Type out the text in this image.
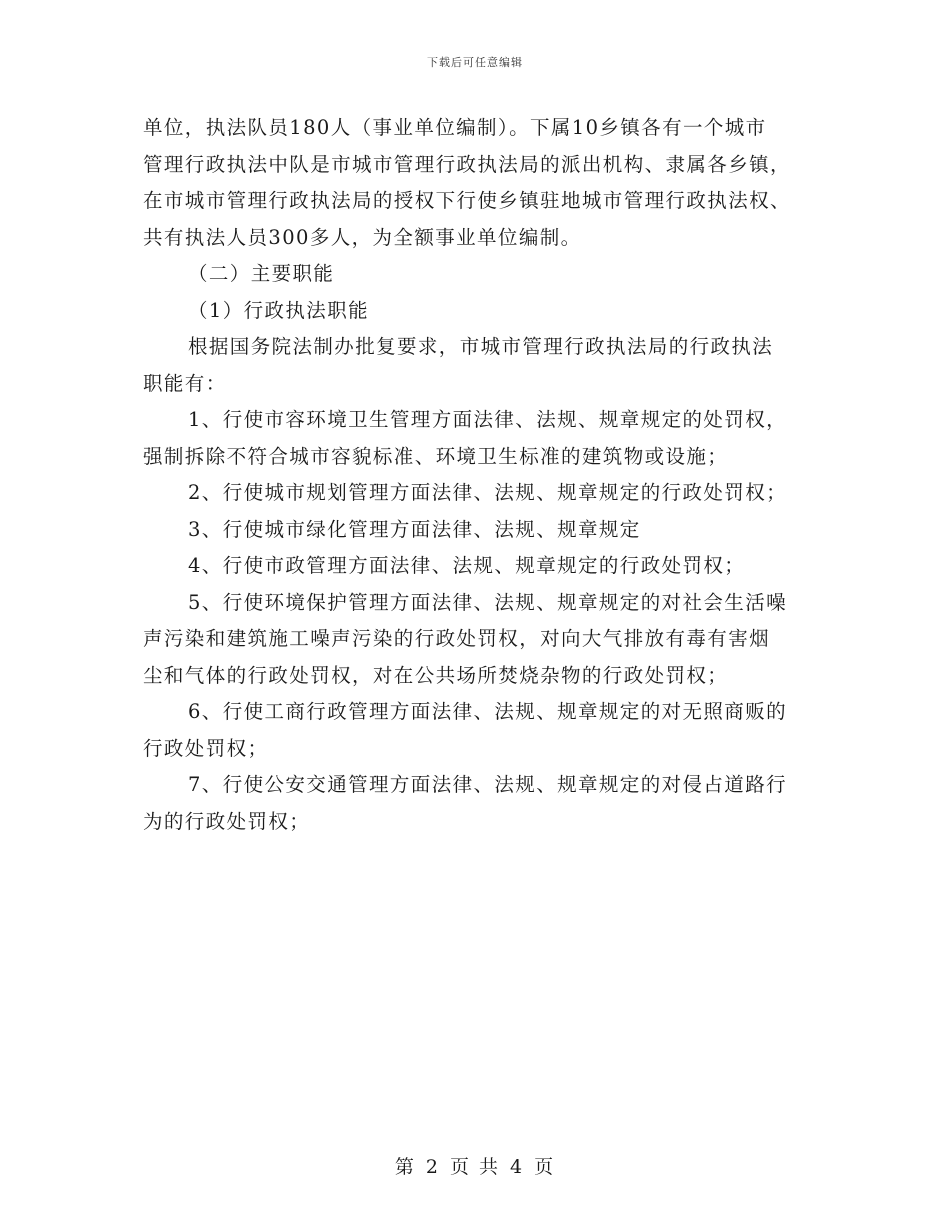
下载后可任意编辑
单位，执法队员180人（事业单位编制）。下属10乡镇各有一个城市
管理行政执法中队是市城市管理行政执法局的派出机构、隶属各乡镇，
在市城市管理行政执法局的授权下行使乡镇驻地城市管理行政执法权、
共有执法人员300多人，为全额事业单位编制。
（二）主要职能
（1）行政执法职能
根据国务院法制办批复要求，市城市管理行政执法局的行政执法
职能有：
1、行使市容环境卫生管理方面法律、法规、规章规定的处罚权，
强制拆除不符合城市容貌标准、环境卫生标准的建筑物或设施；
2、行使城市规划管理方面法律、法规、规章规定的行政处罚权；
3、行使城市绿化管理方面法律、法规、规章规定
4、行使市政管理方面法律、法规、规章规定的行政处罚权；
5、行使环境保护管理方面法律、法规、规章规定的对社会生活噪
声污染和建筑施工噪声污染的行政处罚权，对向大气排放有毒有害烟
尘和气体的行政处罚权，对在公共场所焚烧杂物的行政处罚权；
6、行使工商行政管理方面法律、法规、规章规定的对无照商贩的
行政处罚权；
7、行使公安交通管理方面法律、法规、规章规定的对侵占道路行
为的行政处罚权；
第 2 页 共 4 页
